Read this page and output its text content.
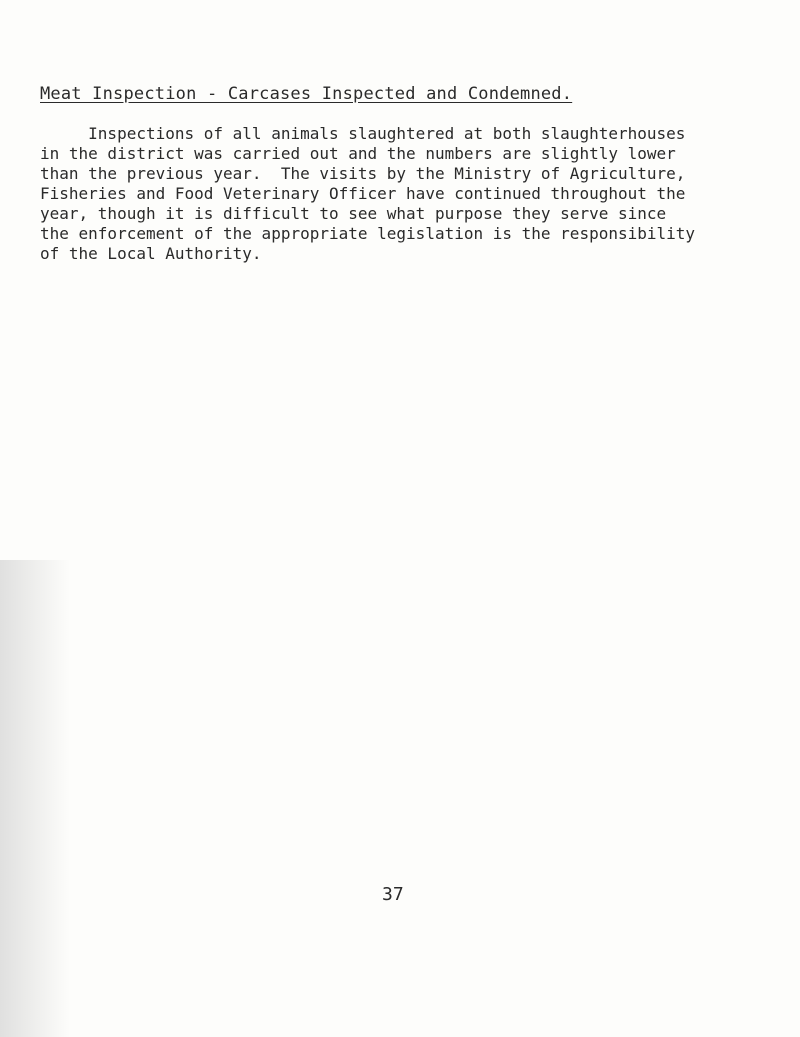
Meat Inspection - Carcases Inspected and Condemned.
Inspections of all animals slaughtered at both slaughterhouses
in the district was carried out and the numbers are slightly lower
than the previous year.  The visits by the Ministry of Agriculture,
Fisheries and Food Veterinary Officer have continued throughout the
year, though it is difficult to see what purpose they serve since
the enforcement of the appropriate legislation is the responsibility
of the Local Authority.
37
